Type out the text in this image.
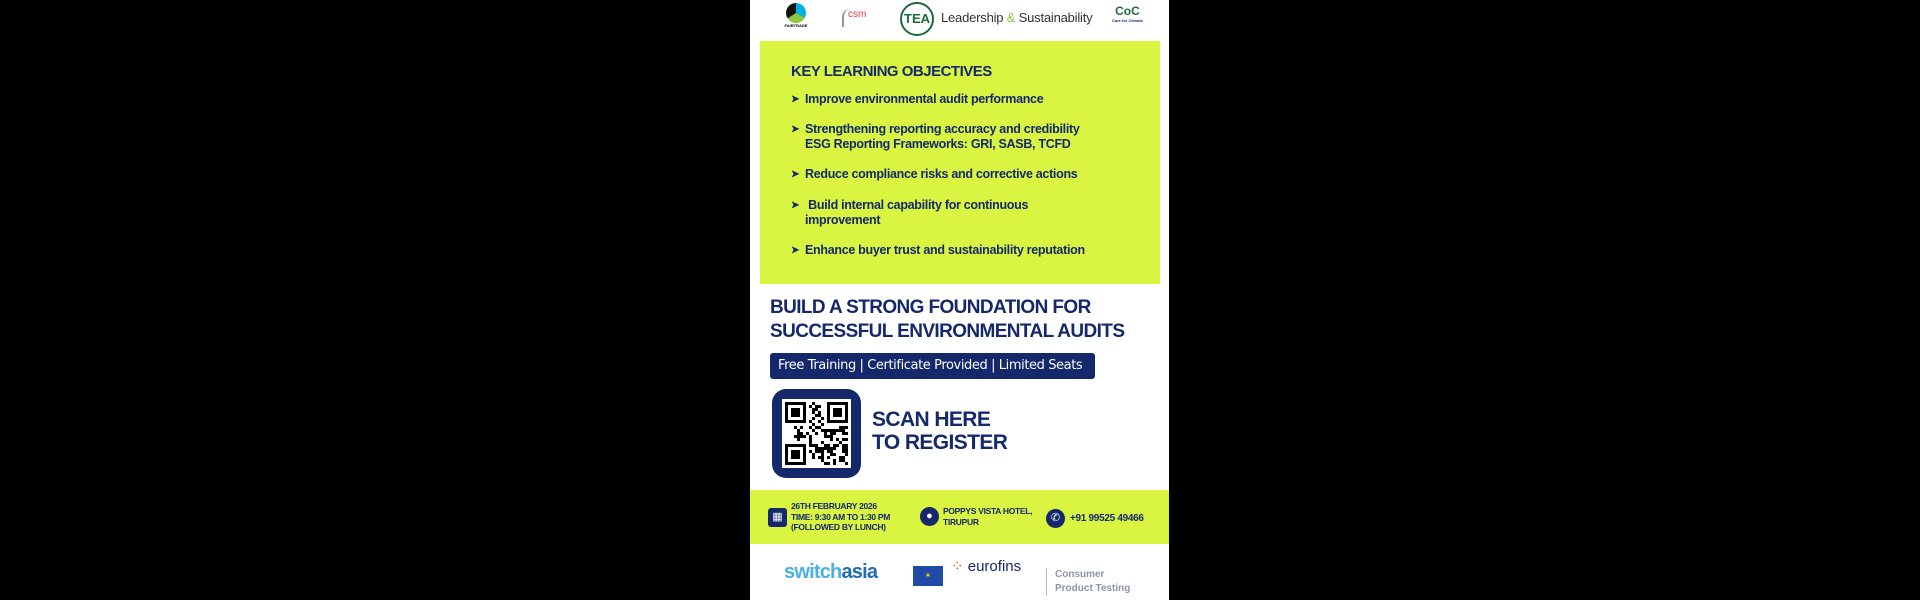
FAIRTRADE
csm	TEA Leadership & Sustainability CoC
Care for Climate
KEY LEARNING OBJECTIVES
➤ Improve environmental audit performance
➤ Strengthening reporting accuracy and credibility
ESG Reporting Frameworks: GRI, SASB, TCFD
➤ Reduce compliance risks and corrective actions
➤ Build internal capability for continuous
improvement
➤ Enhance buyer trust and sustainability reputation
BUILD A STRONG FOUNDATION FOR
SUCCESSFUL ENVIRONMENTAL AUDITS
Free Training | Certificate Provided | Limited Seats
SCAN HERE
TO REGISTER
▦
26TH FEBRUARY 2026
TIME: 9:30 AM TO 1:30 PM
(FOLLOWED BY LUNCH)
●	POPPYS VISTA HOTEL,
TIRUPUR	✆ +91 99525 49466
switchasia	✶
⁘ eurofins	Consumer
Product Testing
